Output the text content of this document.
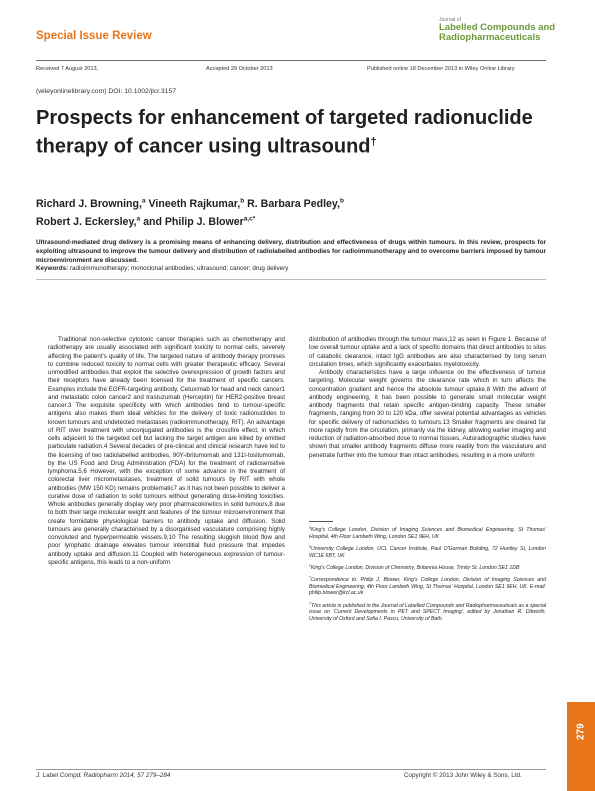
Special Issue Review
Journal of
Labelled Compounds and Radiopharmaceuticals
Received 7 August 2013,	Accepted 29 October 2013	Published online 18 December 2013 in Wiley Online Library
(wileyonlinelibrary.com) DOI: 10.1002/jlcr.3157
Prospects for enhancement of targeted radionuclide therapy of cancer using ultrasound†
Richard J. Browning,$^a$ Vineeth Rajkumar,$^b$ R. Barbara Pedley,$^b$
Robert J. Eckersley,$^a$ and Philip J. Blower$^{a,c*}$
Ultrasound-mediated drug delivery is a promising means of enhancing delivery, distribution and effectiveness of drugs within tumours. In this review, prospects for exploiting ultrasound to improve the tumour delivery and distribution of radiolabelled antibodies for radioimmunotherapy and to overcome barriers imposed by tumour microenvironment are discussed.
Keywords: radioimmunotherapy; monoclonal antibodies; ultrasound; cancer; drug delivery

Traditional non-selective cytotoxic cancer therapies such as chemotherapy and radiotherapy are usually associated with significant toxicity to normal cells, severely affecting the patient's quality of life. The targeted nature of antibody therapy promises to combine reduced toxicity to normal cells with greater therapeutic efficacy. Several unmodified antibodies that exploit the selective overexpression of growth factors and their receptors have already been licensed for the treatment of specific cancers. Examples include the EGFR-targeting antibody, Cetuximab for head and neck cancer1 and metastatic colon cancer2 and trastuzumab (Herceptin) for HER2-positive breast cancer.3 The exquisite specificity with which antibodies bind to tumour-specific antigens also makes them ideal vehicles for the delivery of toxic radionuclides to known tumours and undetected metastases (radioimmunotherapy, RIT). An advantage of RIT over treatment with unconjugated antibodies is the crossfire effect, in which cells adjacent to the targeted cell but lacking the target antigen are killed by emitted particulate radiation.4 Several decades of pre-clinical and clinical research have led to the licensing of two radiolabelled antibodies, 90Y-ibritumomab and 131I-tositumomab, by the US Food and Drug Administration (FDA) for the treatment of radiosensitive lymphoma.5,6 However, with the exception of some advance in the treatment of colorectal liver micrometastases, treatment of solid tumours by RIT with whole antibodies (MW 150 KD) remains problematic7 as it has not been possible to deliver a curative dose of radiation to solid tumours without generating dose-limiting toxicities. Whole antibodies generally display very poor pharmacokinetics in solid tumours,8 due to both their large molecular weight and features of the tumour microenvironment that create formidable physiological barriers to antibody uptake and diffusion. Solid tumours are generally characterised by a disorganised vasculature comprising highly convoluted and hyperpermeable vessels.9,10 The resulting sluggish blood flow and poor lymphatic drainage elevates tumour interstitial fluid pressure that impedes antibody uptake and diffusion.11 Coupled with heterogeneous expression of tumour-specific antigens, this leads to a non-uniform

distribution of antibodies through the tumour mass,12 as seen in Figure 1. Because of low overall tumour uptake and a lack of specific domains that direct antibodies to sites of catabolic clearance, intact IgG antibodies are also characterised by long serum circulation times, which significantly exacerbates myelotoxicity.

Antibody characteristics have a large influence on the effectiveness of tumour targeting. Molecular weight governs the clearance rate which in turn affects the concentration gradient and hence the absolute tumour uptake.8 With the advent of antibody engineering, it has been possible to generate small molecular weight antibody fragments that retain specific antigen-binding capacity. These smaller fragments, ranging from 30 to 120 kDa, offer several potential advantages as vehicles for specific delivery of radionuclides to tumours.13 Smaller fragments are cleared far more rapidly from the circulation, primarily via the kidney, allowing earlier imaging and reduction of radiation-absorbed dose to normal tissues. Autoradiographic studies have shown that smaller antibody fragments diffuse more readily from the vasculature and penetrate further into the tumour than intact antibodies, resulting in a more uniform

$^a$King's College London, Division of Imaging Sciences and Biomedical Engineering, St Thomas' Hospital, 4th Floor Lambeth Wing, London SE1 9EH, UK

$^b$University College London, UCL Cancer Institute, Paul O'Gorman Building, 72 Huntley St, London WC1E 6BT, UK

$^c$King's College London, Division of Chemistry, Britannia House, Trinity St, London SE1 1DB

*Correspondence to: Philip J. Blower, King's College London, Division of Imaging Sciences and Biomedical Engineering, 4th Floor Lambeth Wing, St Thomas' Hospital, London SE1 9EH, UK. E-mail: philip.blower@kcl.ac.uk

†This article is published in the Journal of Labelled Compounds and Radiopharmaceuticals as a special issue on 'Current Developments in PET and SPECT Imaging', edited by Jonathan R. Dilworth, University of Oxford and Sofia I. Pascu, University of Bath.

J. Label Compd. Radiopharm 2014, 57 279–284	Copyright © 2013 John Wiley & Sons, Ltd.
279
